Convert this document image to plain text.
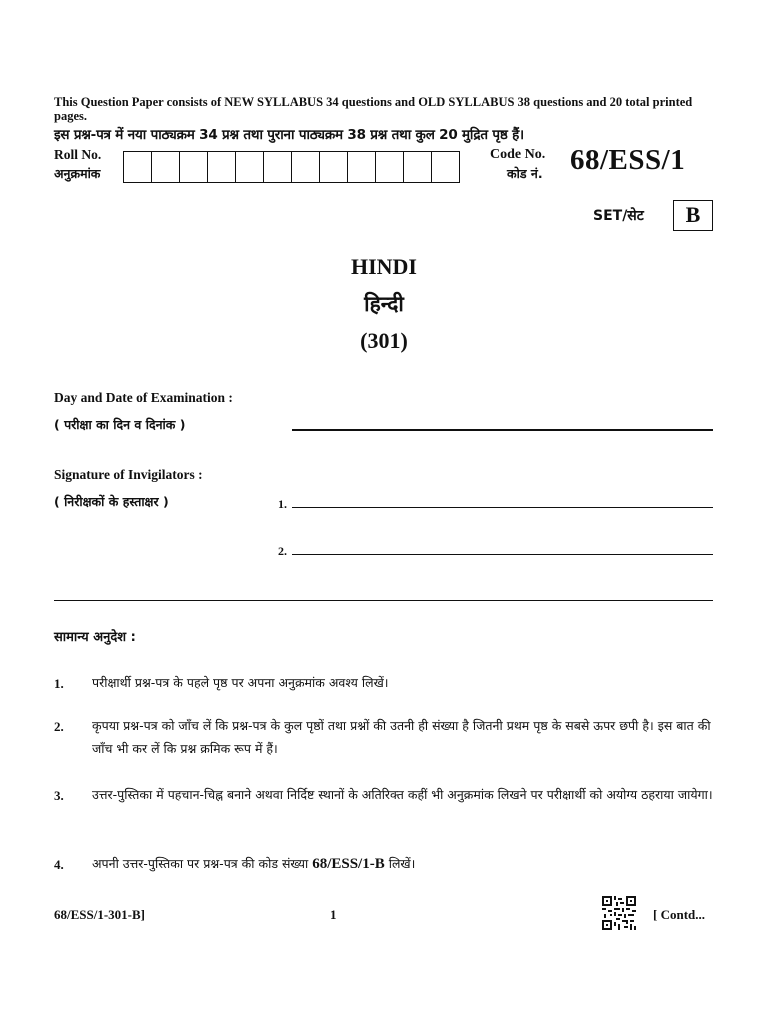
This Question Paper consists of NEW SYLLABUS 34 questions and OLD SYLLABUS 38 questions and 20 total printed pages.
इस प्रश्न-पत्र में नया पाठ्यक्रम 34 प्रश्न तथा पुराना पाठ्यक्रम 38 प्रश्न तथा कुल 20 मुद्रित पृष्ठ हैं।
Roll No.
अनुक्रमांक
Code No.
कोड नं. 68/ESS/1
SET/सेट	B
HINDI
हिन्दी
(301)
Day and Date of Examination :
( परीक्षा का दिन व दिनांक )
Signature of Invigilators :
( निरीक्षकों के हस्ताक्षर )	1.
2.
सामान्य अनुदेश :
1. परीक्षार्थी प्रश्न-पत्र के पहले पृष्ठ पर अपना अनुक्रमांक अवश्य लिखें।
2. कृपया प्रश्न-पत्र को जाँच लें कि प्रश्न-पत्र के कुल पृष्ठों तथा प्रश्नों की उतनी ही संख्या है जितनी प्रथम पृष्ठ के सबसे ऊपर छपी है। इस बात की जाँच भी कर लें कि प्रश्न क्रमिक रूप में हैं।
3. उत्तर-पुस्तिका में पहचान-चिह्न बनाने अथवा निर्दिष्ट स्थानों के अतिरिक्त कहीं भी अनुक्रमांक लिखने पर परीक्षार्थी को अयोग्य ठहराया जायेगा।
4. अपनी उत्तर-पुस्तिका पर प्रश्न-पत्र की कोड संख्या 68/ESS/1-B लिखें।
68/ESS/1-301-B]	1	[ Contd...
